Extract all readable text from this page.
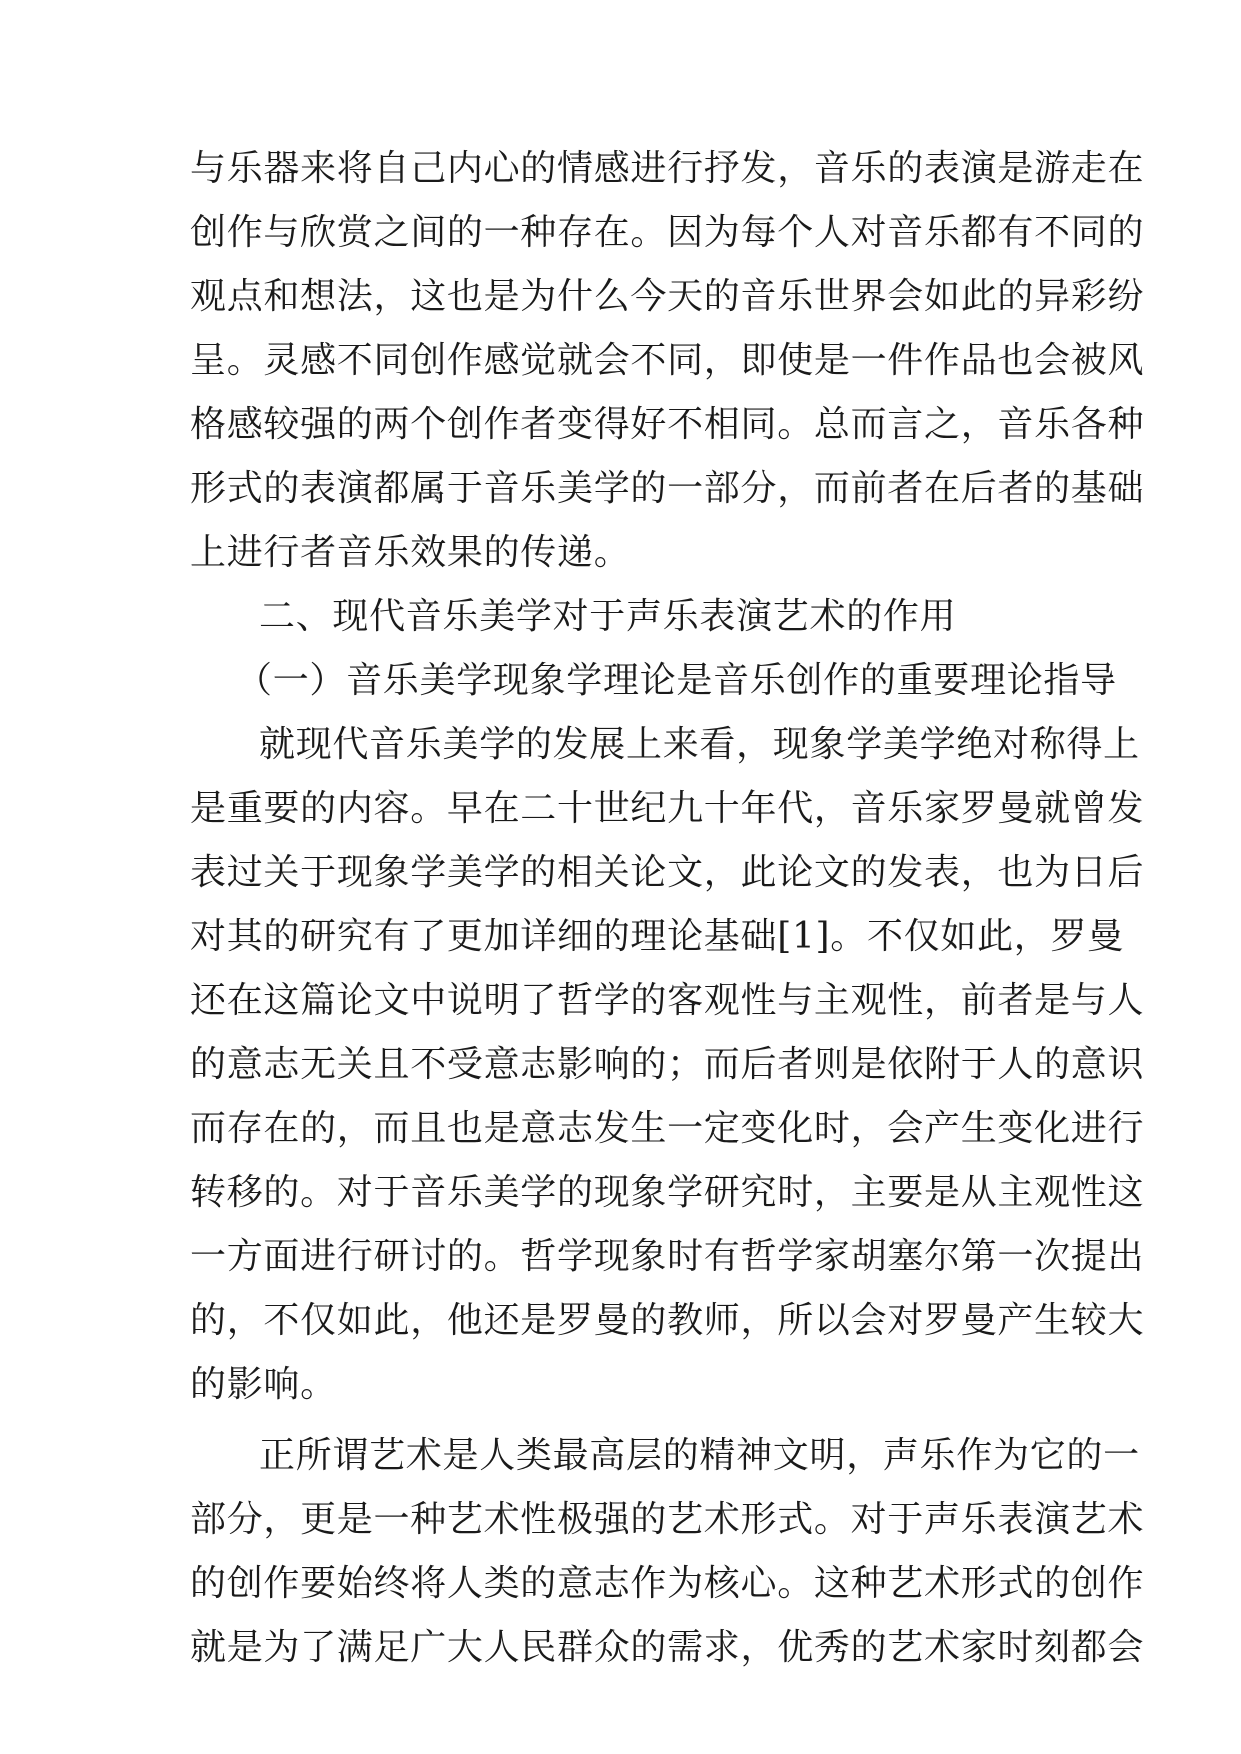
与乐器来将自己内心的情感进行抒发，音乐的表演是游走在
创作与欣赏之间的一种存在。因为每个人对音乐都有不同的
观点和想法，这也是为什么今天的音乐世界会如此的异彩纷
呈。灵感不同创作感觉就会不同，即使是一件作品也会被风
格感较强的两个创作者变得好不相同。总而言之，音乐各种
形式的表演都属于音乐美学的一部分，而前者在后者的基础
上进行者音乐效果的传递。
二、现代音乐美学对于声乐表演艺术的作用
（一）音乐美学现象学理论是音乐创作的重要理论指导
就现代音乐美学的发展上来看，现象学美学绝对称得上
是重要的内容。早在二十世纪九十年代，音乐家罗曼就曾发
表过关于现象学美学的相关论文，此论文的发表，也为日后
对其的研究有了更加详细的理论基础[1]。不仅如此，罗曼
还在这篇论文中说明了哲学的客观性与主观性，前者是与人
的意志无关且不受意志影响的；而后者则是依附于人的意识
而存在的，而且也是意志发生一定变化时，会产生变化进行
转移的。对于音乐美学的现象学研究时，主要是从主观性这
一方面进行研讨的。哲学现象时有哲学家胡塞尔第一次提出
的，不仅如此，他还是罗曼的教师，所以会对罗曼产生较大
的影响。
正所谓艺术是人类最高层的精神文明，声乐作为它的一
部分，更是一种艺术性极强的艺术形式。对于声乐表演艺术
的创作要始终将人类的意志作为核心。这种艺术形式的创作
就是为了满足广大人民群众的需求，优秀的艺术家时刻都会
